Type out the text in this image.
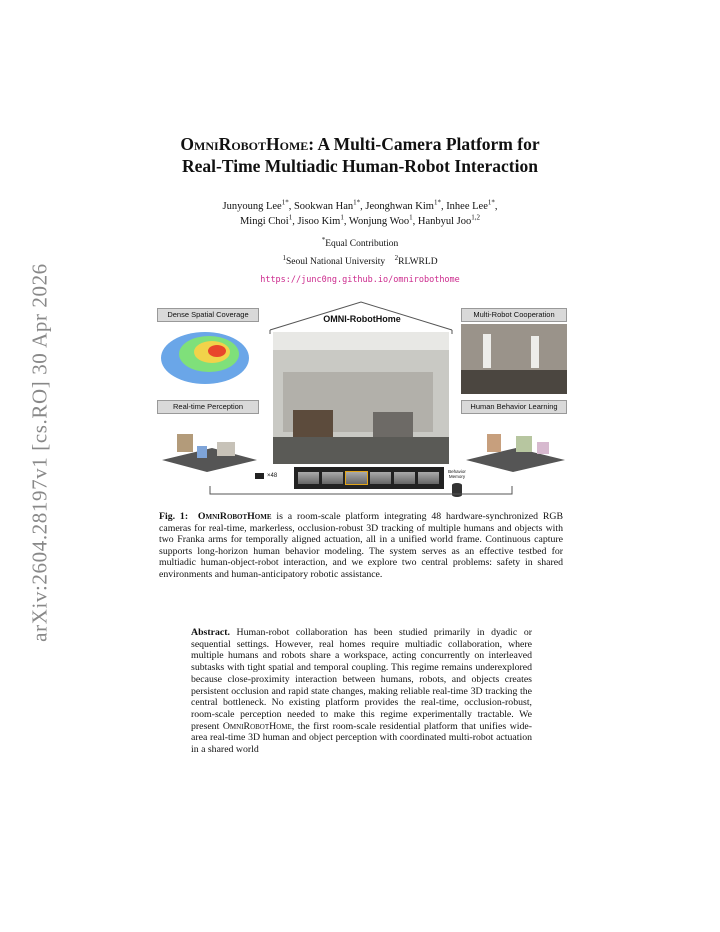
arXiv:2604.28197v1 [cs.RO] 30 Apr 2026
OmniRobotHome: A Multi-Camera Platform for
Real-Time Multiadic Human-Robot Interaction
Junyoung Lee$^{1*}$, Sookwan Han$^{1*}$, Jeonghwan Kim$^{1*}$, Inhee Lee$^{1*}$,
Mingi Choi$^1$, Jisoo Kim$^1$, Wonjung Woo$^1$, Hanbyul Joo$^{1,2}$
*Equal Contribution
$^1$Seoul National University $^2$RLWRLD
https://junc0ng.github.io/omnirobothome
OMNI-RobotHome
Dense Spatial Coverage
Real-time Perception
Multi-Robot Cooperation
Human Behavior Learning
×48
Behavior Memory
Fig. 1: OmniRobotHome is a room-scale platform integrating 48 hardware-synchronized RGB cameras for real-time, markerless, occlusion-robust 3D tracking of multiple humans and objects with two Franka arms for temporally aligned actuation, all in a unified world frame. Continuous capture supports long-horizon human behavior modeling. The system serves as an effective testbed for multiadic human-object-robot interaction, and we explore two central problems: safety in shared environments and human-anticipatory robotic assistance.
Abstract. Human-robot collaboration has been studied primarily in dyadic or sequential settings. However, real homes require multiadic collaboration, where multiple humans and robots share a workspace, acting concurrently on interleaved subtasks with tight spatial and temporal coupling. This regime remains underexplored because close-proximity interaction between humans, robots, and objects creates persistent occlusion and rapid state changes, making reliable real-time 3D tracking the central bottleneck. No existing platform provides the real-time, occlusion-robust, room-scale perception needed to make this regime experimentally tractable. We present OmniRobotHome, the first room-scale residential platform that unifies wide-area real-time 3D human and object perception with coordinated multi-robot actuation in a shared world
